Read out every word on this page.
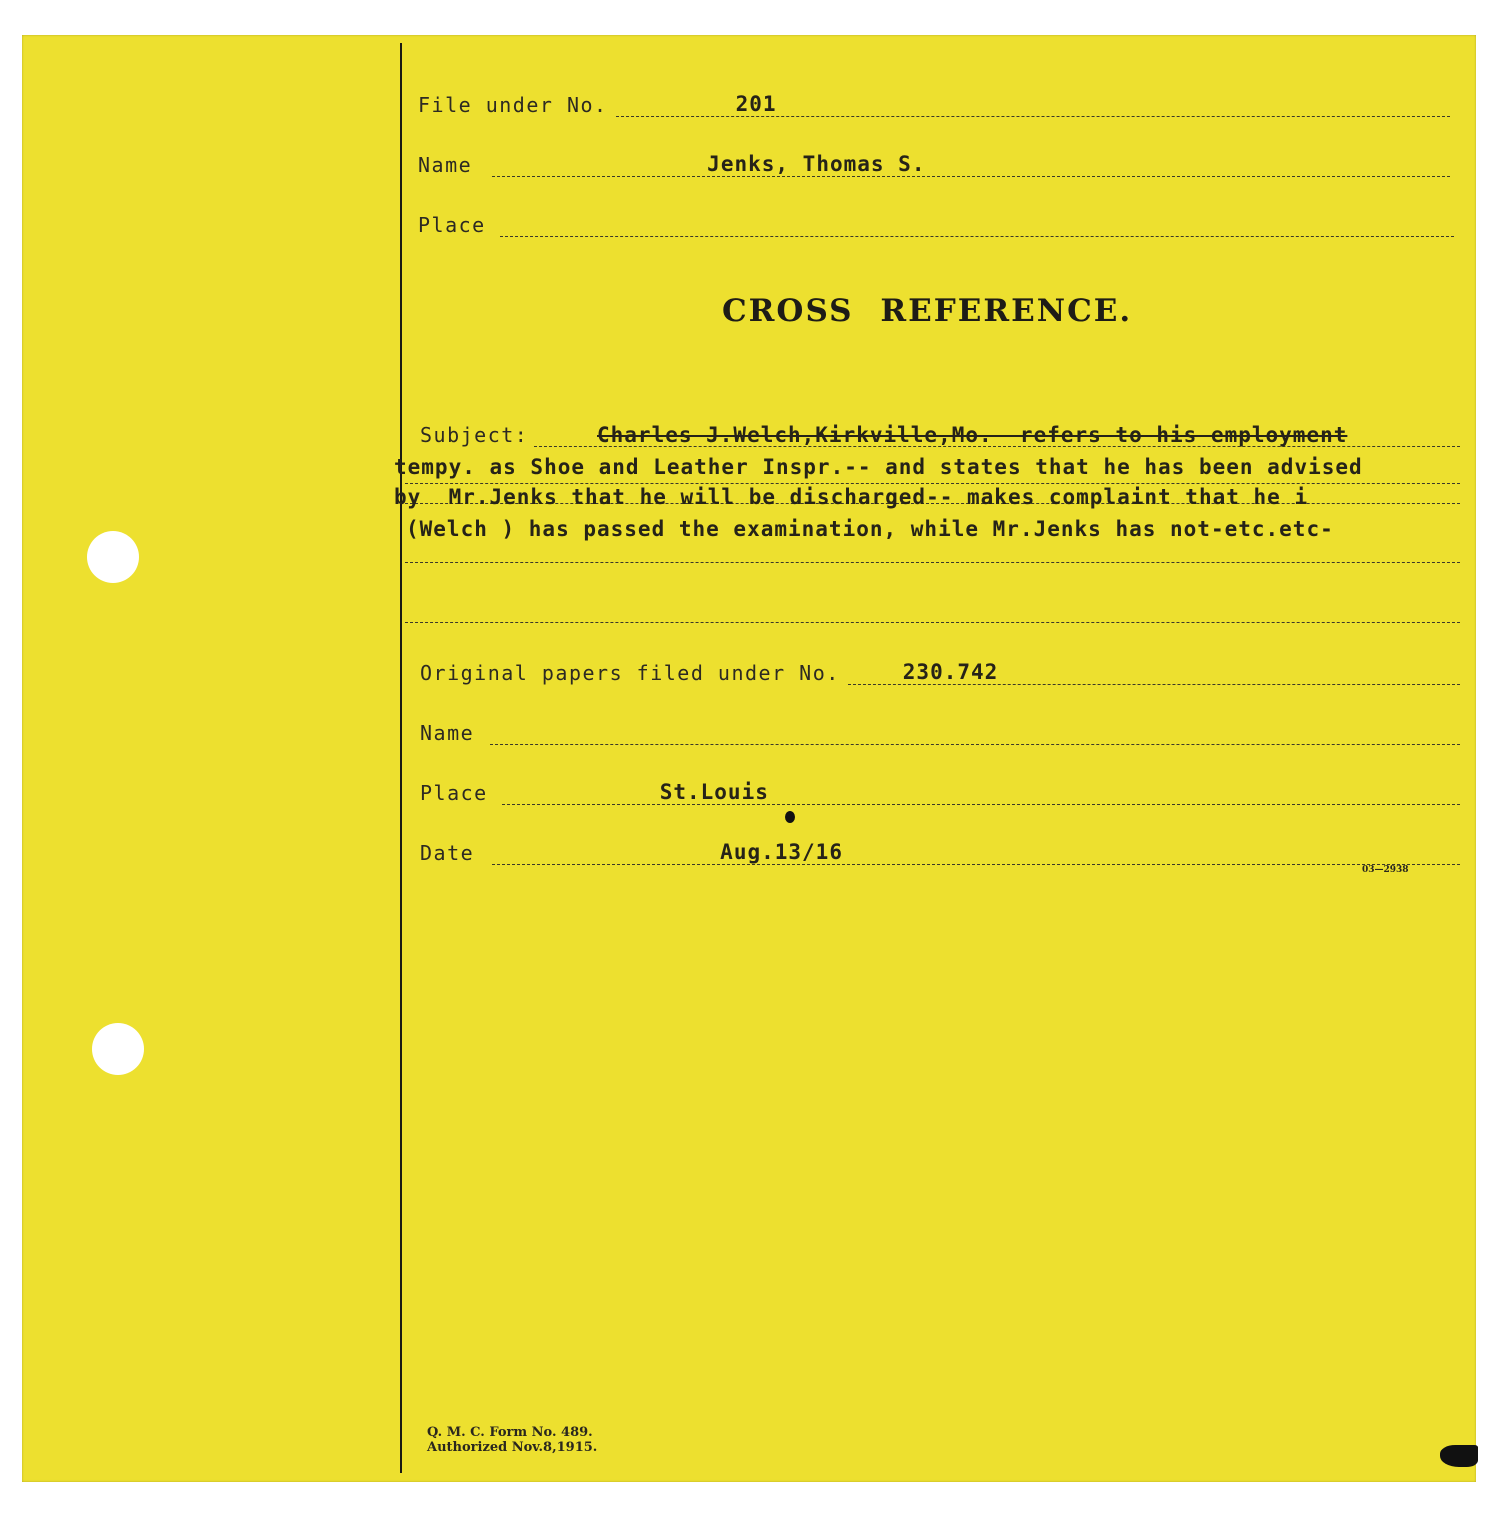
File under No.	201
Name	Jenks, Thomas S.
Place
CROSS REFERENCE.
Subject:	Charles J.Welch,Kirkville,Mo.  refers to his employment
tempy. as Shoe and Leather Inspr.-- and states that he has been advised
by  Mr.Jenks that he will be discharged-- makes complaint that he i
(Welch ) has passed the examination, while Mr.Jenks has not-etc.etc-
Original papers filed under No.	230.742
Name
Place	St.Louis
Date	Aug.13/16
03—2938
Q. M. C. Form No. 489.
Authorized Nov.8,1915.
